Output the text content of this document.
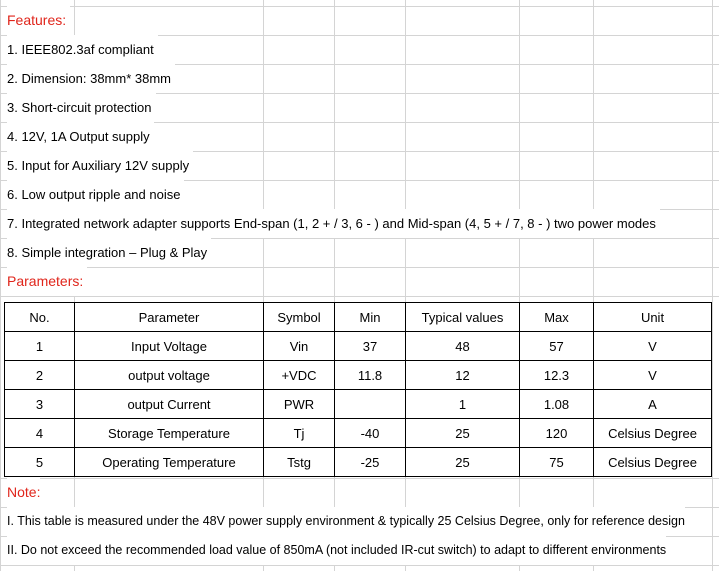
Features:
1. IEEE802.3af compliant
2. Dimension: 38mm* 38mm
3. Short-circuit protection
4. 12V, 1A Output supply
5. Input for Auxiliary 12V supply
6. Low output ripple and noise
7. Integrated network adapter supports End-span (1, 2 + / 3, 6 - ) and Mid-span (4, 5 + / 7, 8 - ) two power modes
8. Simple integration – Plug & Play
Parameters:
No.	Parameter	Symbol	Min	Typical values	Max	Unit
1	Input Voltage	Vin	37	48	57	V
2	output voltage	+VDC	11.8	12	12.3	V
3	output Current	PWR		1	1.08	A
4	Storage Temperature	Tj	-40	25	120	Celsius Degree
5	Operating Temperature	Tstg	-25	25	75	Celsius Degree
Note:
I. This table is measured under the 48V power supply environment & typically 25 Celsius Degree, only for reference design
II. Do not exceed the recommended load value of 850mA (not included IR-cut switch) to adapt to different environments
